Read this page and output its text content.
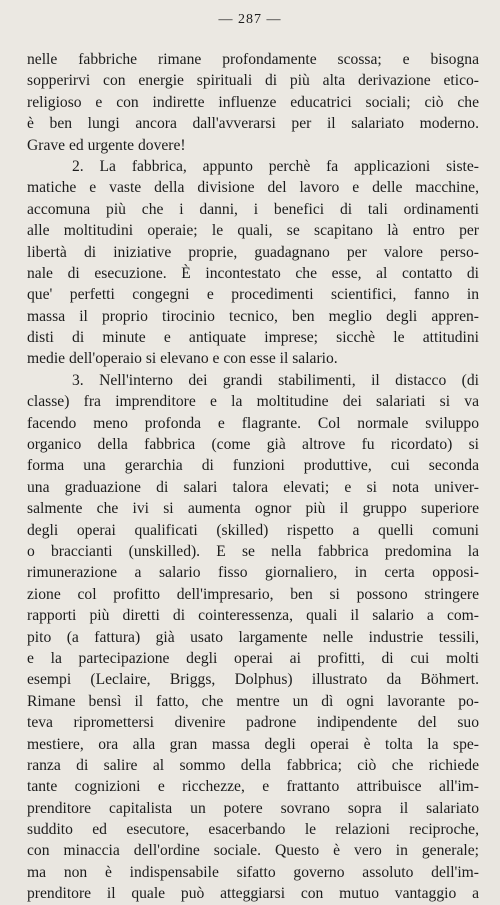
— 287 —
nelle fabbriche rimane profondamente scossa; e bisogna
sopperirvi con energie spirituali di più alta derivazione etico-
religioso e con indirette influenze educatrici sociali; ciò che
è ben lungi ancora dall'avverarsi per il salariato moderno.
Grave ed urgente dovere!
2. La fabbrica, appunto perchè fa applicazioni siste-
matiche e vaste della divisione del lavoro e delle macchine,
accomuna più che i danni, i benefici di tali ordinamenti
alle moltitudini operaie; le quali, se scapitano là entro per
libertà di iniziative proprie, guadagnano per valore perso-
nale di esecuzione. È incontestato che esse, al contatto di
que' perfetti congegni e procedimenti scientifici, fanno in
massa il proprio tirocinio tecnico, ben meglio degli appren-
disti di minute e antiquate imprese; sicchè le attitudini
medie dell'operaio si elevano e con esse il salario.
3. Nell'interno dei grandi stabilimenti, il distacco (di
classe) fra imprenditore e la moltitudine dei salariati si va
facendo meno profonda e flagrante. Col normale sviluppo
organico della fabbrica (come già altrove fu ricordato) si
forma una gerarchia di funzioni produttive, cui seconda
una graduazione di salari talora elevati; e si nota univer-
salmente che ivi si aumenta ognor più il gruppo superiore
degli operai qualificati (skilled) rispetto a quelli comuni
o braccianti (unskilled). E se nella fabbrica predomina la
rimunerazione a salario fisso giornaliero, in certa opposi-
zione col profitto dell'impresario, ben si possono stringere
rapporti più diretti di cointeressenza, quali il salario a com-
pito (a fattura) già usato largamente nelle industrie tessili,
e la partecipazione degli operai ai profitti, di cui molti
esempi (Leclaire, Briggs, Dolphus) illustrato da Böhmert.
Rimane bensì il fatto, che mentre un dì ogni lavorante po-
teva ripromettersi divenire padrone indipendente del suo
mestiere, ora alla gran massa degli operai è tolta la spe-
ranza di salire al sommo della fabbrica; ciò che richiede
tante cognizioni e ricchezze, e frattanto attribuisce all'im-
prenditore capitalista un potere sovrano sopra il salariato
suddito ed esecutore, esacerbando le relazioni reciproche,
con minaccia dell'ordine sociale. Questo è vero in generale;
ma non è indispensabile sifatto governo assoluto dell'im-
prenditore il quale può atteggiarsi con mutuo vantaggio a
